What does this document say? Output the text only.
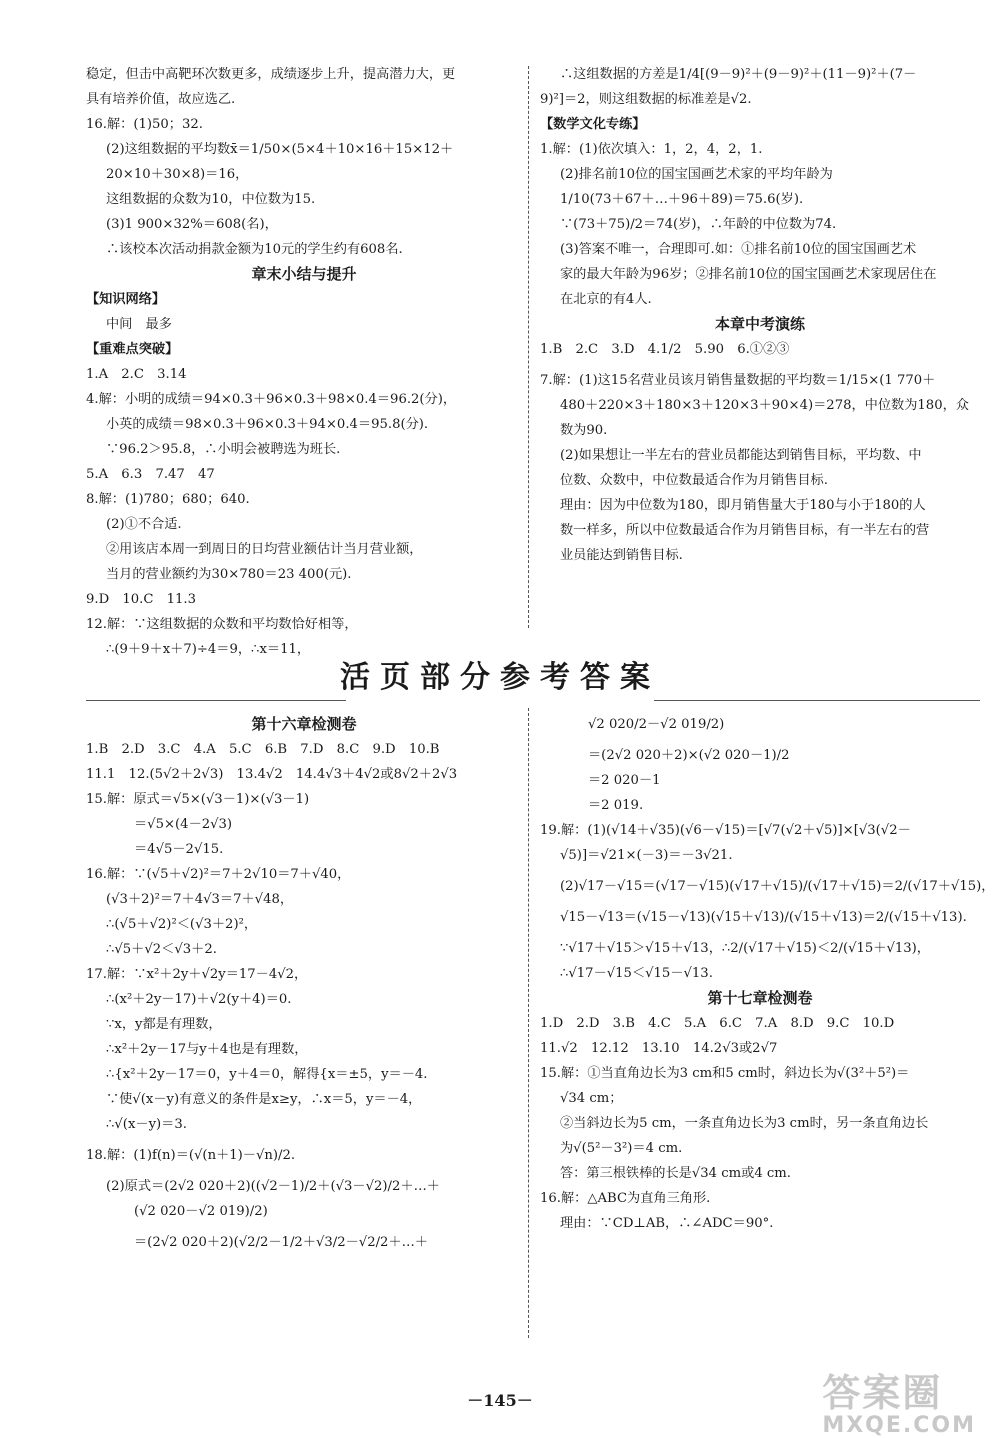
稳定，但击中高靶环次数更多，成绩逐步上升，提高潜力大，更

具有培养价值，故应选乙.

16.解：(1)50；32.

(2)这组数据的平均数x̄＝1/50×(5×4＋10×16＋15×12＋

20×10＋30×8)＝16，

这组数据的众数为10，中位数为15.

(3)1 900×32%＝608(名)，

∴该校本次活动捐款金额为10元的学生约有608名.

章末小结与提升

【知识网络】

中间　最多

【重难点突破】

1.A　2.C　3.14

4.解：小明的成绩＝94×0.3＋96×0.3＋98×0.4＝96.2(分)，

小英的成绩＝98×0.3＋96×0.3＋94×0.4＝95.8(分).

∵96.2＞95.8，∴小明会被聘选为班长.

5.A　6.3　7.47　47

8.解：(1)780；680；640.

(2)①不合适.

②用该店本周一到周日的日均营业额估计当月营业额，

当月的营业额约为30×780＝23 400(元).

9.D　10.C　11.3

12.解：∵这组数据的众数和平均数恰好相等，

∴(9＋9＋x＋7)÷4＝9，∴x＝11，

∴这组数据的方差是1/4[(9－9)²＋(9－9)²＋(11－9)²＋(7－

9)²]＝2，则这组数据的标准差是√2.

【数学文化专练】

1.解：(1)依次填入：1，2，4，2，1.

(2)排名前10位的国宝国画艺术家的平均年龄为

1/10(73＋67＋…＋96＋89)＝75.6(岁).

∵(73＋75)/2＝74(岁)，∴年龄的中位数为74.

(3)答案不唯一，合理即可.如：①排名前10位的国宝国画艺术

家的最大年龄为96岁；②排名前10位的国宝国画艺术家现居住在

在北京的有4人.

本章中考演练

1.B　2.C　3.D　4.1/2　5.90　6.①②③

7.解：(1)这15名营业员该月销售量数据的平均数＝1/15×(1 770＋

480＋220×3＋180×3＋120×3＋90×4)＝278，中位数为180，众

数为90.

(2)如果想让一半左右的营业员都能达到销售目标，平均数、中

位数、众数中，中位数最适合作为月销售目标.

理由：因为中位数为180，即月销售量大于180与小于180的人

数一样多，所以中位数最适合作为月销售目标，有一半左右的营

业员能达到销售目标.

活页部分参考答案

第十六章检测卷

1.B　2.D　3.C　4.A　5.C　6.B　7.D　8.C　9.D　10.B

11.1　12.(5√2＋2√3)　13.4√2　14.4√3＋4√2或8√2＋2√3

15.解：原式＝√5×(√3－1)×(√3－1)

＝√5×(4－2√3)

＝4√5－2√15.

16.解：∵(√5＋√2)²＝7＋2√10＝7＋√40，

(√3＋2)²＝7＋4√3＝7＋√48，

∴(√5＋√2)²＜(√3＋2)²，

∴√5＋√2＜√3＋2.

17.解：∵x²＋2y＋√2y＝17－4√2，

∴(x²＋2y－17)＋√2(y＋4)＝0.

∵x，y都是有理数，

∴x²＋2y－17与y＋4也是有理数，

∴{x²＋2y－17＝0，y＋4＝0，解得{x＝±5，y＝－4.

∵使√(x－y)有意义的条件是x≥y，∴x＝5，y＝－4，

∴√(x－y)＝3.

18.解：(1)f(n)＝(√(n＋1)－√n)/2.

(2)原式＝(2√2 020＋2)((√2－1)/2＋(√3－√2)/2＋…＋

(√2 020－√2 019)/2)

＝(2√2 020＋2)(√2/2－1/2＋√3/2－√2/2＋…＋

√2 020/2－√2 019/2)

＝(2√2 020＋2)×(√2 020－1)/2

＝2 020－1

＝2 019.

19.解：(1)(√14＋√35)(√6－√15)＝[√7(√2＋√5)]×[√3(√2－

√5)]＝√21×(－3)＝－3√21.

(2)√17－√15＝(√17－√15)(√17＋√15)/(√17＋√15)＝2/(√17＋√15)，

√15－√13＝(√15－√13)(√15＋√13)/(√15＋√13)＝2/(√15＋√13).

∵√17＋√15＞√15＋√13，∴2/(√17＋√15)＜2/(√15＋√13)，

∴√17－√15＜√15－√13.

第十七章检测卷

1.D　2.D　3.B　4.C　5.A　6.C　7.A　8.D　9.C　10.D

11.√2　12.12　13.10　14.2√3或2√7

15.解：①当直角边长为3 cm和5 cm时，斜边长为√(3²＋5²)＝

√34 cm；

②当斜边长为5 cm，一条直角边长为3 cm时，另一条直角边长

为√(5²－3²)＝4 cm.

答：第三根铁棒的长是√34 cm或4 cm.

16.解：△ABC为直角三角形.

理由：∵CD⊥AB，∴∠ADC＝90°.

－145－	答案圈
MXQE.COM
